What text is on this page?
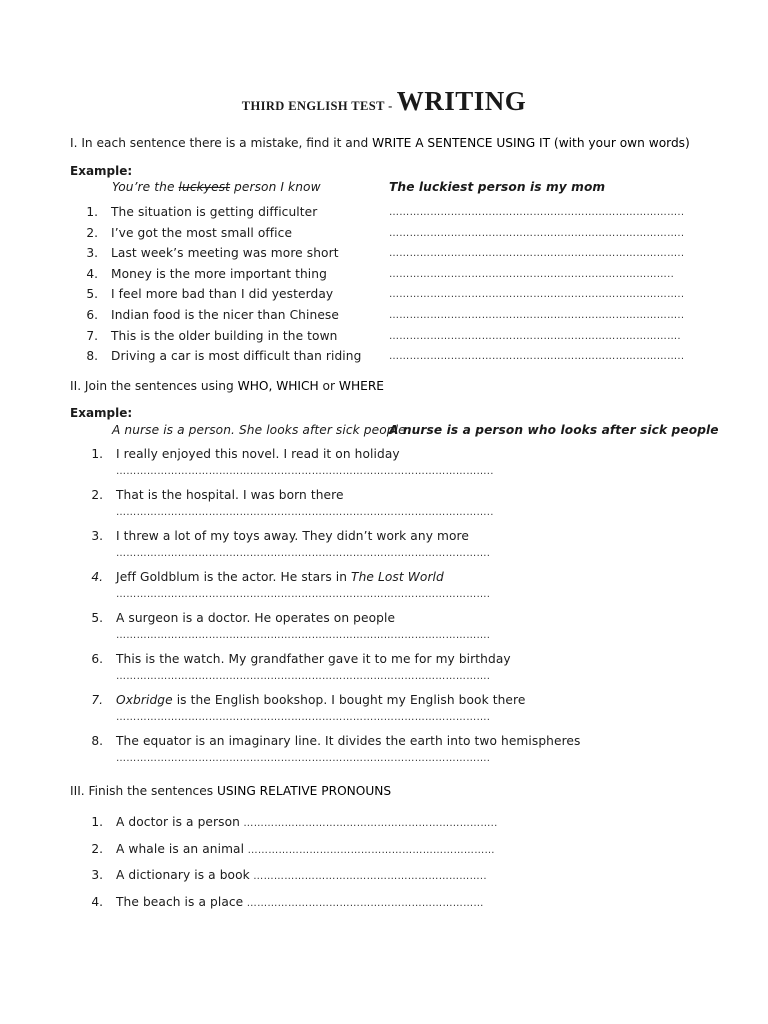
THIRD ENGLISH TEST - WRITING
I. In each sentence there is a mistake, find it and WRITE A SENTENCE USING IT (with your own words)
Example:
You’re the luckyest person I know	The luckiest person is my mom
1. The situation is getting difficulter	…………………………………………………………………………..
2. I’ve got the most small office	…………………………………………………………………………..
3. Last week’s meeting was more short	…………………………………………………………………………..
4. Money is the more important thing	………………………………………………………………………..
5. I feel more bad than I did yesterday	…………………………………………………………………………..
6. Indian food is the nicer than Chinese	…………………………………………………………………………..
7. This is the older building in the town	………………………………………………………………………….
8. Driving a car is most difficult than riding	…………………………………………………………………………..
II. Join the sentences using WHO, WHICH or WHERE
Example:
A nurse is a person. She looks after sick people
A nurse is a person who looks after sick people
1. I really enjoyed this novel. I read it on holiday
………………………………………………………………………………………………..
2. That is the hospital. I was born there
………………………………………………………………………………………………..
3. I threw a lot of my toys away. They didn’t work any more
……………………………………………………………………………………………….
4. Jeff Goldblum is the actor. He stars in The Lost World
……………………………………………………………………………………………….
5. A surgeon is a doctor. He operates on people
……………………………………………………………………………………………….
6. This is the watch. My grandfather gave it to me for my birthday
……………………………………………………………………………………………….
7. Oxbridge is the English bookshop. I bought my English book there
……………………………………………………………………………………………….
8. The equator is an imaginary line. It divides the earth into two hemispheres
……………………………………………………………………………………………….
III. Finish the sentences USING RELATIVE PRONOUNS
1. A doctor is a person ………………………………………………………………..
2. A whale is an animal ………………………………………………………………
3. A dictionary is a book …………………………………………………………..
4. The beach is a place ……………………………………………………………
